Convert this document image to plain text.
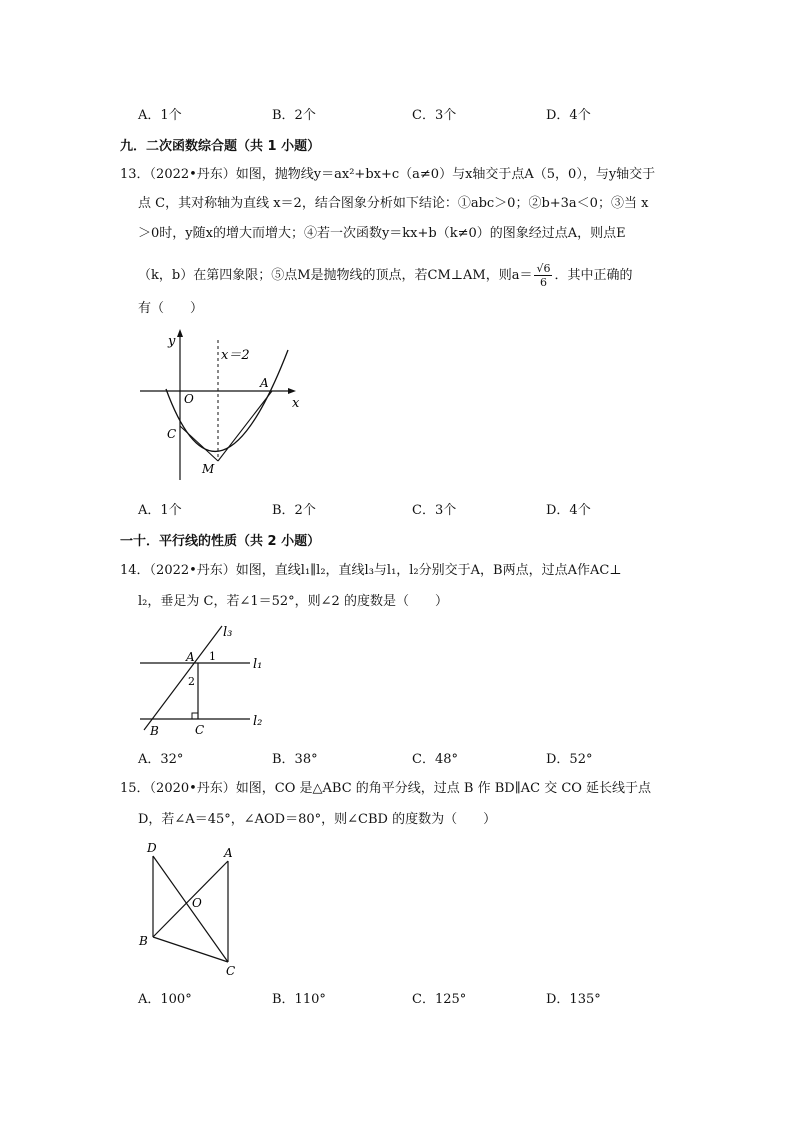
A．1个	B．2个	C．3个	D．4个
九．二次函数综合题（共 1 小题）
13．（2022•丹东）如图，抛物线y＝ax²+bx+c（a≠0）与x轴交于点A（5，0），与y轴交于
点 C，其对称轴为直线 x＝2，结合图象分析如下结论：①abc＞0；②b+3a＜0；③当 x
＞0时，y随x的增大而增大；④若一次函数y＝kx+b（k≠0）的图象经过点A，则点E
（k，b）在第四象限；⑤点M是抛物线的顶点，若CM⊥AM，则$a= \frac{√6}{6}$ ．其中正确的
有（　　）
y
x
O
x＝2
A
C
M
A．1个	B．2个	C．3个	D．4个
一十．平行线的性质（共 2 小题）
14．（2022•丹东）如图，直线l₁∥l₂，直线l₃与l₁，l₂分别交于A，B两点，过点A作AC⊥
l₂，垂足为 C，若∠1＝52°，则∠2 的度数是（　　）
l₃
l₁
l₂
A 1
2
B	C
A．32°	B．38°	C．48°	D．52°
15．（2020•丹东）如图，CO 是△ABC 的角平分线，过点 B 作 BD∥AC 交 CO 延长线于点
D，若∠A＝45°，∠AOD＝80°，则∠CBD 的度数为（　　）
D	A
O
B
C
A．100°	B．110°	C．125°	D．135°
